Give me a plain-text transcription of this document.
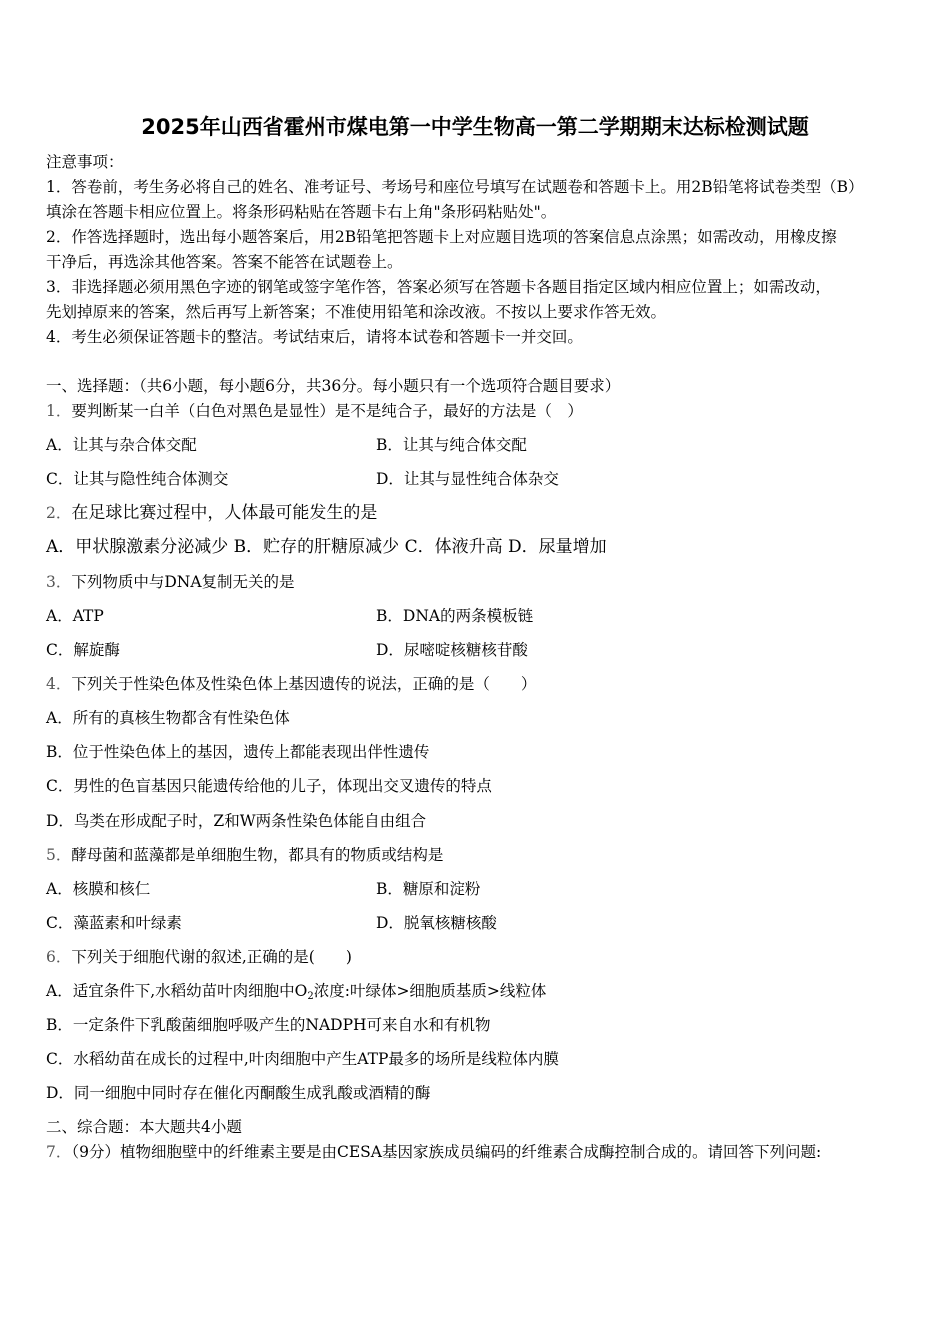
2025年山西省霍州市煤电第一中学生物高一第二学期期末达标检测试题
注意事项：
1．答卷前，考生务必将自己的姓名、准考证号、考场号和座位号填写在试题卷和答题卡上。用2B铅笔将试卷类型（B）
填涂在答题卡相应位置上。将条形码粘贴在答题卡右上角"条形码粘贴处"。
2．作答选择题时，选出每小题答案后，用2B铅笔把答题卡上对应题目选项的答案信息点涂黑；如需改动，用橡皮擦
干净后，再选涂其他答案。答案不能答在试题卷上。
3．非选择题必须用黑色字迹的钢笔或签字笔作答，答案必须写在答题卡各题目指定区域内相应位置上；如需改动，
先划掉原来的答案，然后再写上新答案；不准使用铅笔和涂改液。不按以上要求作答无效。
4．考生必须保证答题卡的整洁。考试结束后，请将本试卷和答题卡一并交回。
一、选择题：（共6小题，每小题6分，共36分。每小题只有一个选项符合题目要求）
1．要判断某一白羊（白色对黑色是显性）是不是纯合子，最好的方法是（　）
A．让其与杂合体交配	B．让其与纯合体交配
C．让其与隐性纯合体测交	D．让其与显性纯合体杂交
2．在足球比赛过程中，人体最可能发生的是
A．甲状腺激素分泌减少 B．贮存的肝糖原减少 C．体液升高 D．尿量增加
3．下列物质中与DNA复制无关的是
A．ATP	B．DNA的两条模板链
C．解旋酶	D．尿嘧啶核糖核苷酸
4．下列关于性染色体及性染色体上基因遗传的说法，正确的是（　　）
A．所有的真核生物都含有性染色体
B．位于性染色体上的基因，遗传上都能表现出伴性遗传
C．男性的色盲基因只能遗传给他的儿子，体现出交叉遗传的特点
D．鸟类在形成配子时，Z和W两条性染色体能自由组合
5．酵母菌和蓝藻都是单细胞生物，都具有的物质或结构是
A．核膜和核仁	B．糖原和淀粉
C．藻蓝素和叶绿素	D．脱氧核糖核酸
6．下列关于细胞代谢的叙述,正确的是(　　)
A．适宜条件下,水稻幼苗叶肉细胞中$O_2$浓度:叶绿体>细胞质基质>线粒体
B．一定条件下乳酸菌细胞呼吸产生的NADPH可来自水和有机物
C．水稻幼苗在成长的过程中,叶肉细胞中产生ATP最多的场所是线粒体内膜
D．同一细胞中同时存在催化丙酮酸生成乳酸或酒精的酶
二、综合题：本大题共4小题
7．（9分）植物细胞壁中的纤维素主要是由CESA基因家族成员编码的纤维素合成酶控制合成的。请回答下列问题:
